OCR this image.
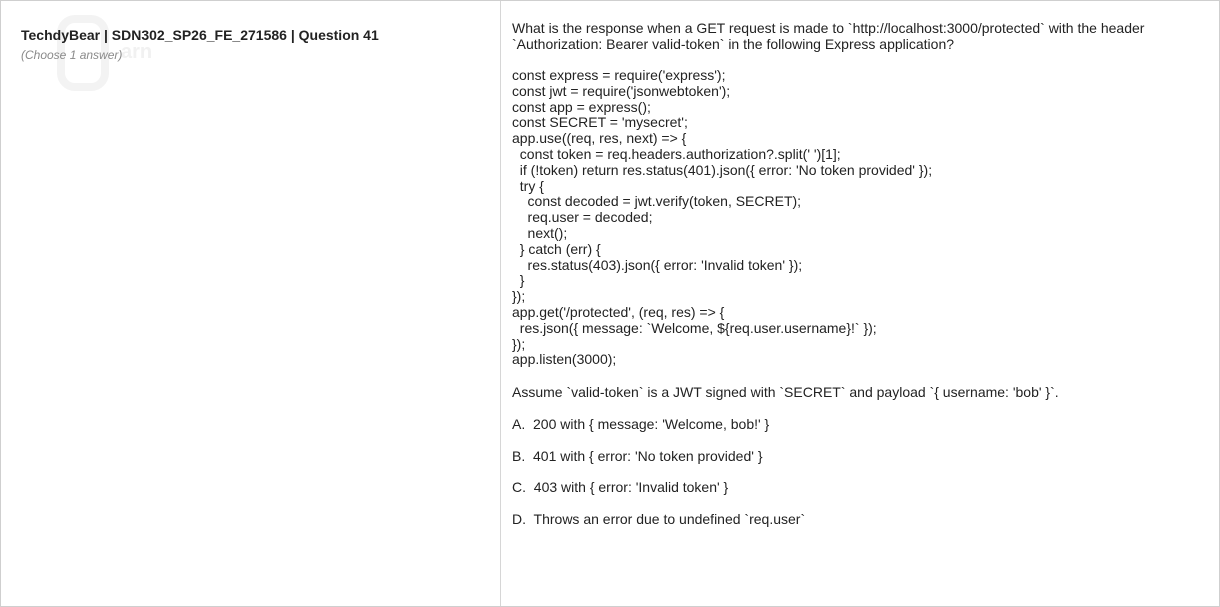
arn
TechdyBear | SDN302_SP26_FE_271586 | Question 41
(Choose 1 answer)

What is the response when a GET request is made to `http://localhost:3000/protected` with the header `Authorization: Bearer valid-token` in the following Express application?

const express = require('express');
const jwt = require('jsonwebtoken');
const app = express();
const SECRET = 'mysecret';
app.use((req, res, next) => {
const token = req.headers.authorization?.split(' ')[1];
if (!token) return res.status(401).json({ error: 'No token provided' });
try {
const decoded = jwt.verify(token, SECRET);
req.user = decoded;
next();
} catch (err) {
res.status(403).json({ error: 'Invalid token' });
}
});
app.get('/protected', (req, res) => {
res.json({ message: `Welcome, ${req.user.username}!` });
});
app.listen(3000);

Assume `valid-token` is a JWT signed with `SECRET` and payload `{ username: 'bob' }`.

A. 200 with { message: 'Welcome, bob!' }
B. 401 with { error: 'No token provided' }
C. 403 with { error: 'Invalid token' }
D. Throws an error due to undefined `req.user`
